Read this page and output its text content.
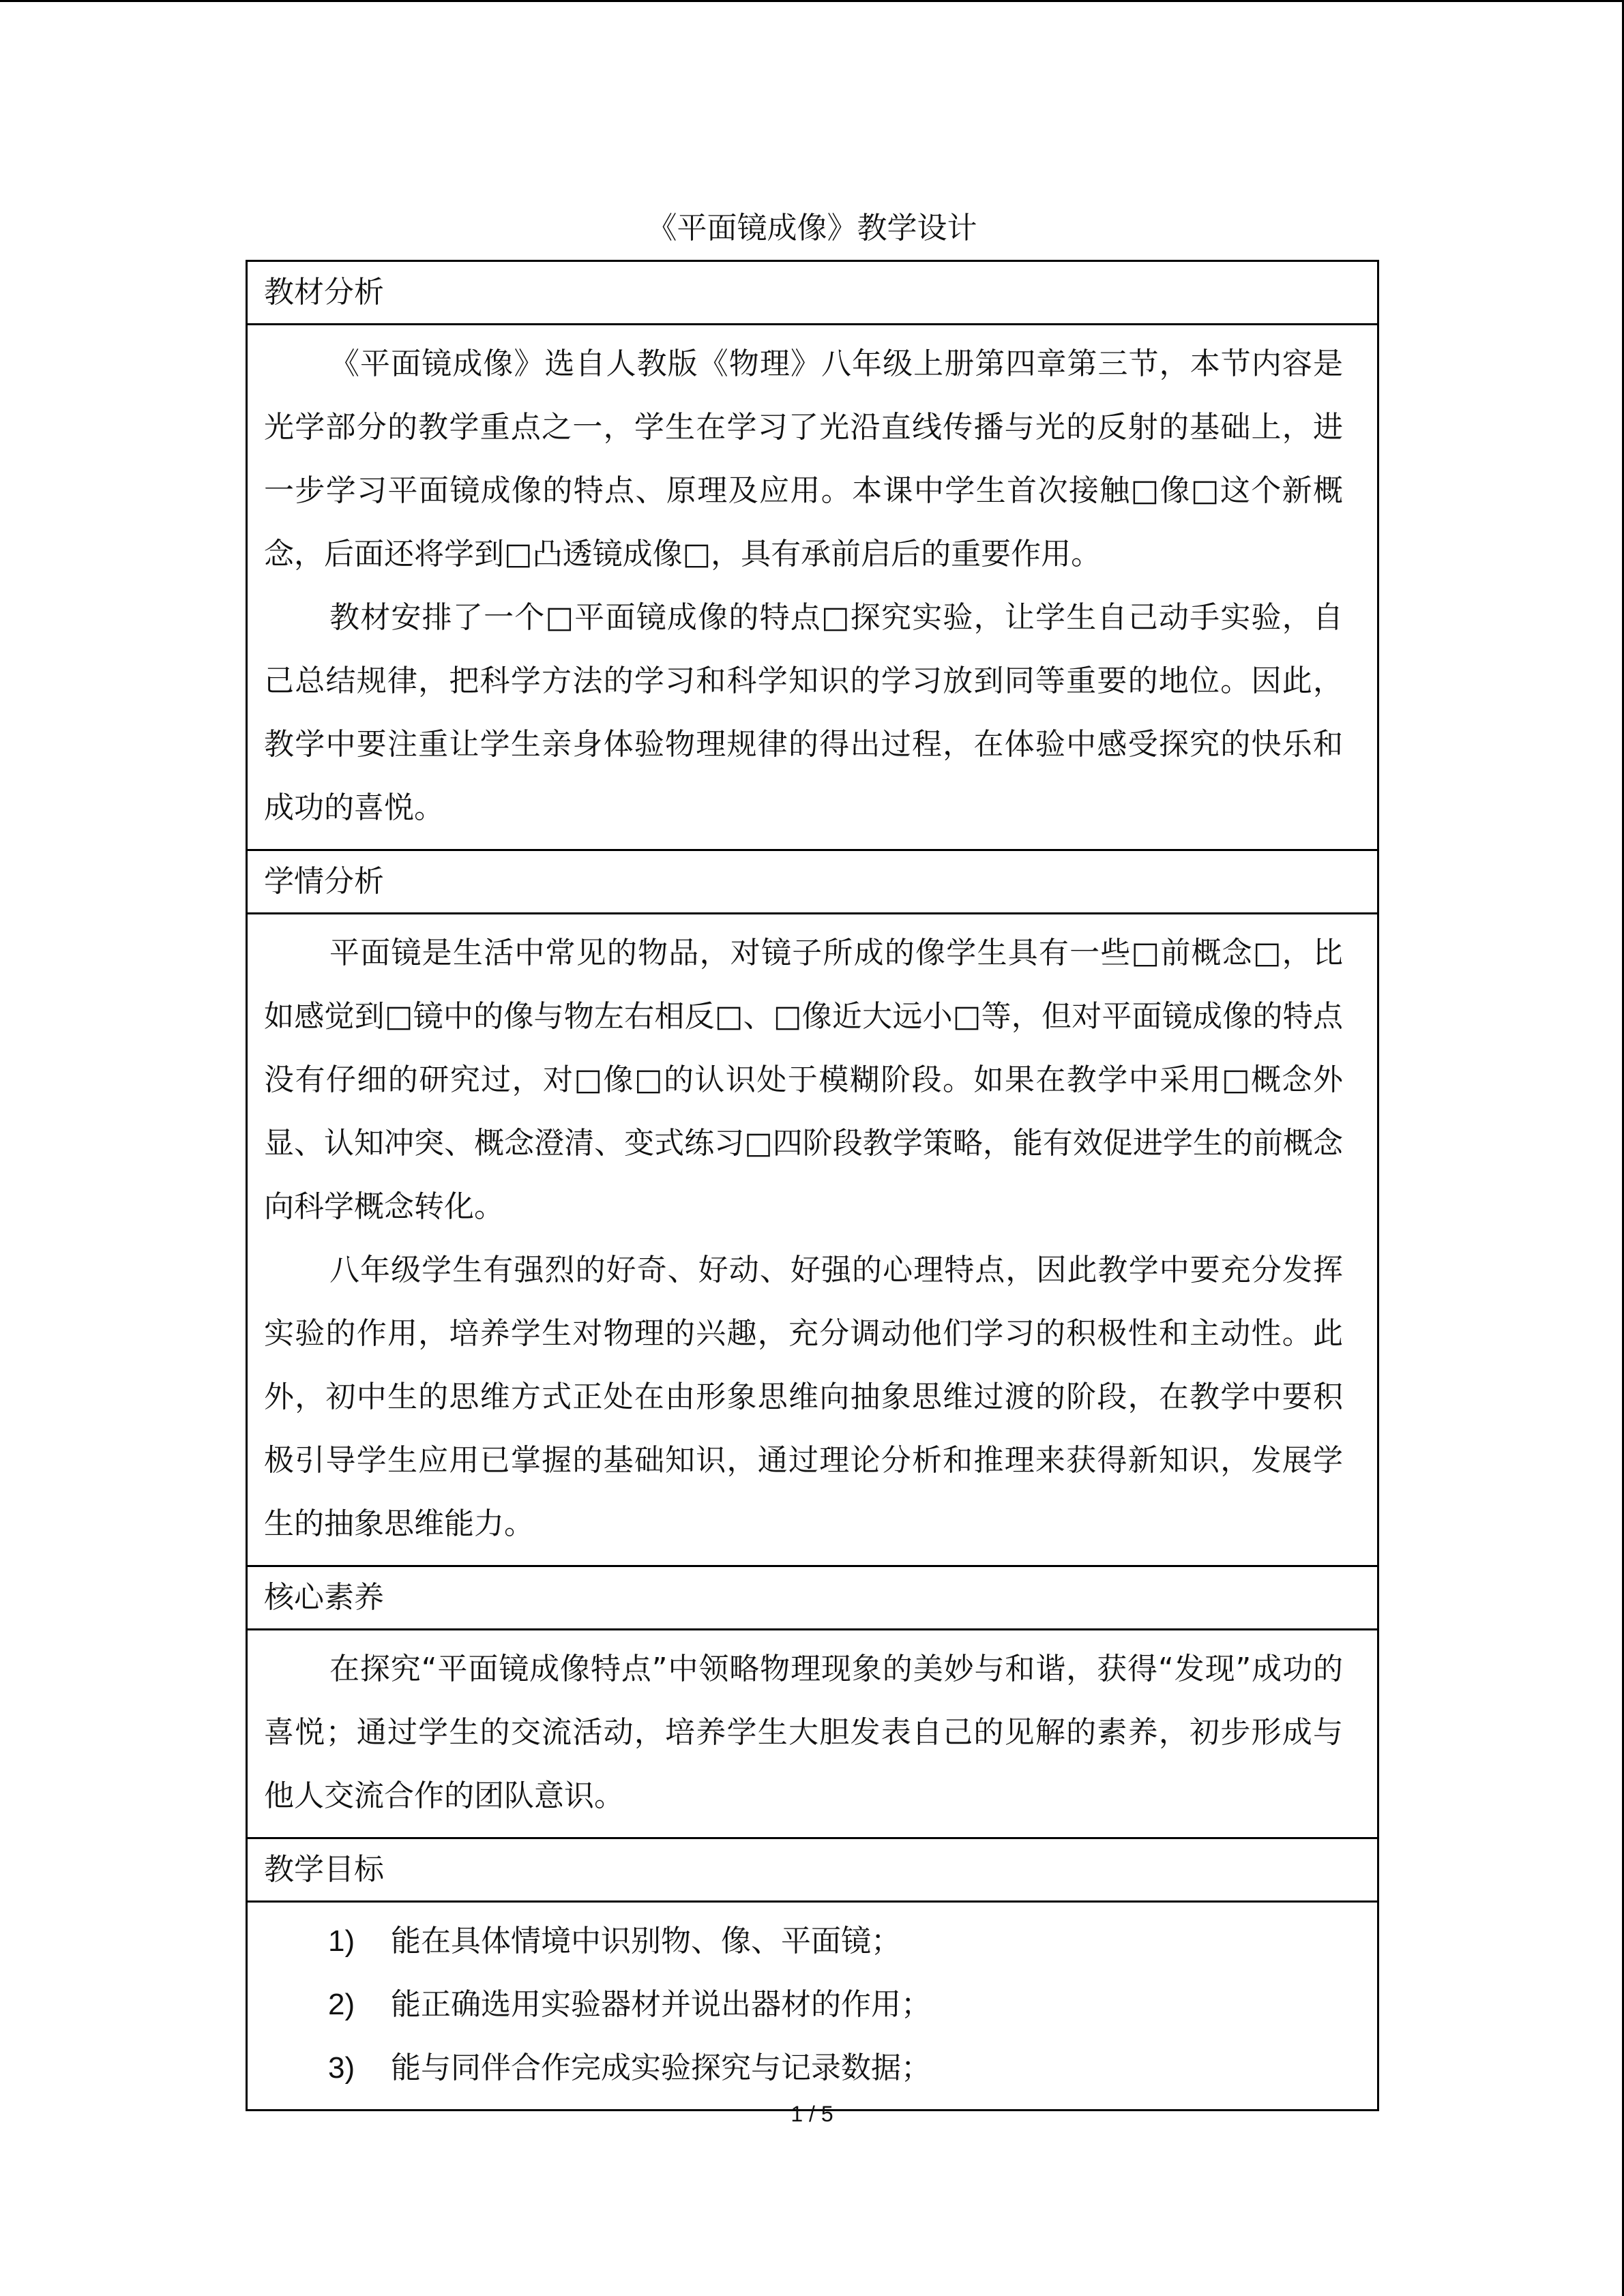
《平面镜成像》教学设计
教材分析

《平面镜成像》选自人教版《物理》八年级上册第四章第三节，本节内容是光学部分的教学重点之一，学生在学习了光沿直线传播与光的反射的基础上，进一步学习平面镜成像的特点、原理及应用。本课中学生首次接触□像□这个新概念，后面还将学到□凸透镜成像□，具有承前启后的重要作用。

教材安排了一个□平面镜成像的特点□探究实验，让学生自己动手实验，自己总结规律，把科学方法的学习和科学知识的学习放到同等重要的地位。因此，教学中要注重让学生亲身体验物理规律的得出过程，在体验中感受探究的快乐和成功的喜悦。

学情分析

平面镜是生活中常见的物品，对镜子所成的像学生具有一些□前概念□，比如感觉到□镜中的像与物左右相反□、□像近大远小□等，但对平面镜成像的特点没有仔细的研究过，对□像□的认识处于模糊阶段。如果在教学中采用□概念外显、认知冲突、概念澄清、变式练习□四阶段教学策略，能有效促进学生的前概念向科学概念转化。

八年级学生有强烈的好奇、好动、好强的心理特点，因此教学中要充分发挥实验的作用，培养学生对物理的兴趣，充分调动他们学习的积极性和主动性。此外，初中生的思维方式正处在由形象思维向抽象思维过渡的阶段，在教学中要积极引导学生应用已掌握的基础知识，通过理论分析和推理来获得新知识，发展学生的抽象思维能力。

核心素养

在探究“平面镜成像特点”中领略物理现象的美妙与和谐，获得“发现”成功的喜悦；通过学生的交流活动，培养学生大胆发表自己的见解的素养，初步形成与他人交流合作的团队意识。

教学目标
1) 能在具体情境中识别物、像、平面镜；
2) 能正确选用实验器材并说出器材的作用；
3) 能与同伴合作完成实验探究与记录数据；
1 / 5
